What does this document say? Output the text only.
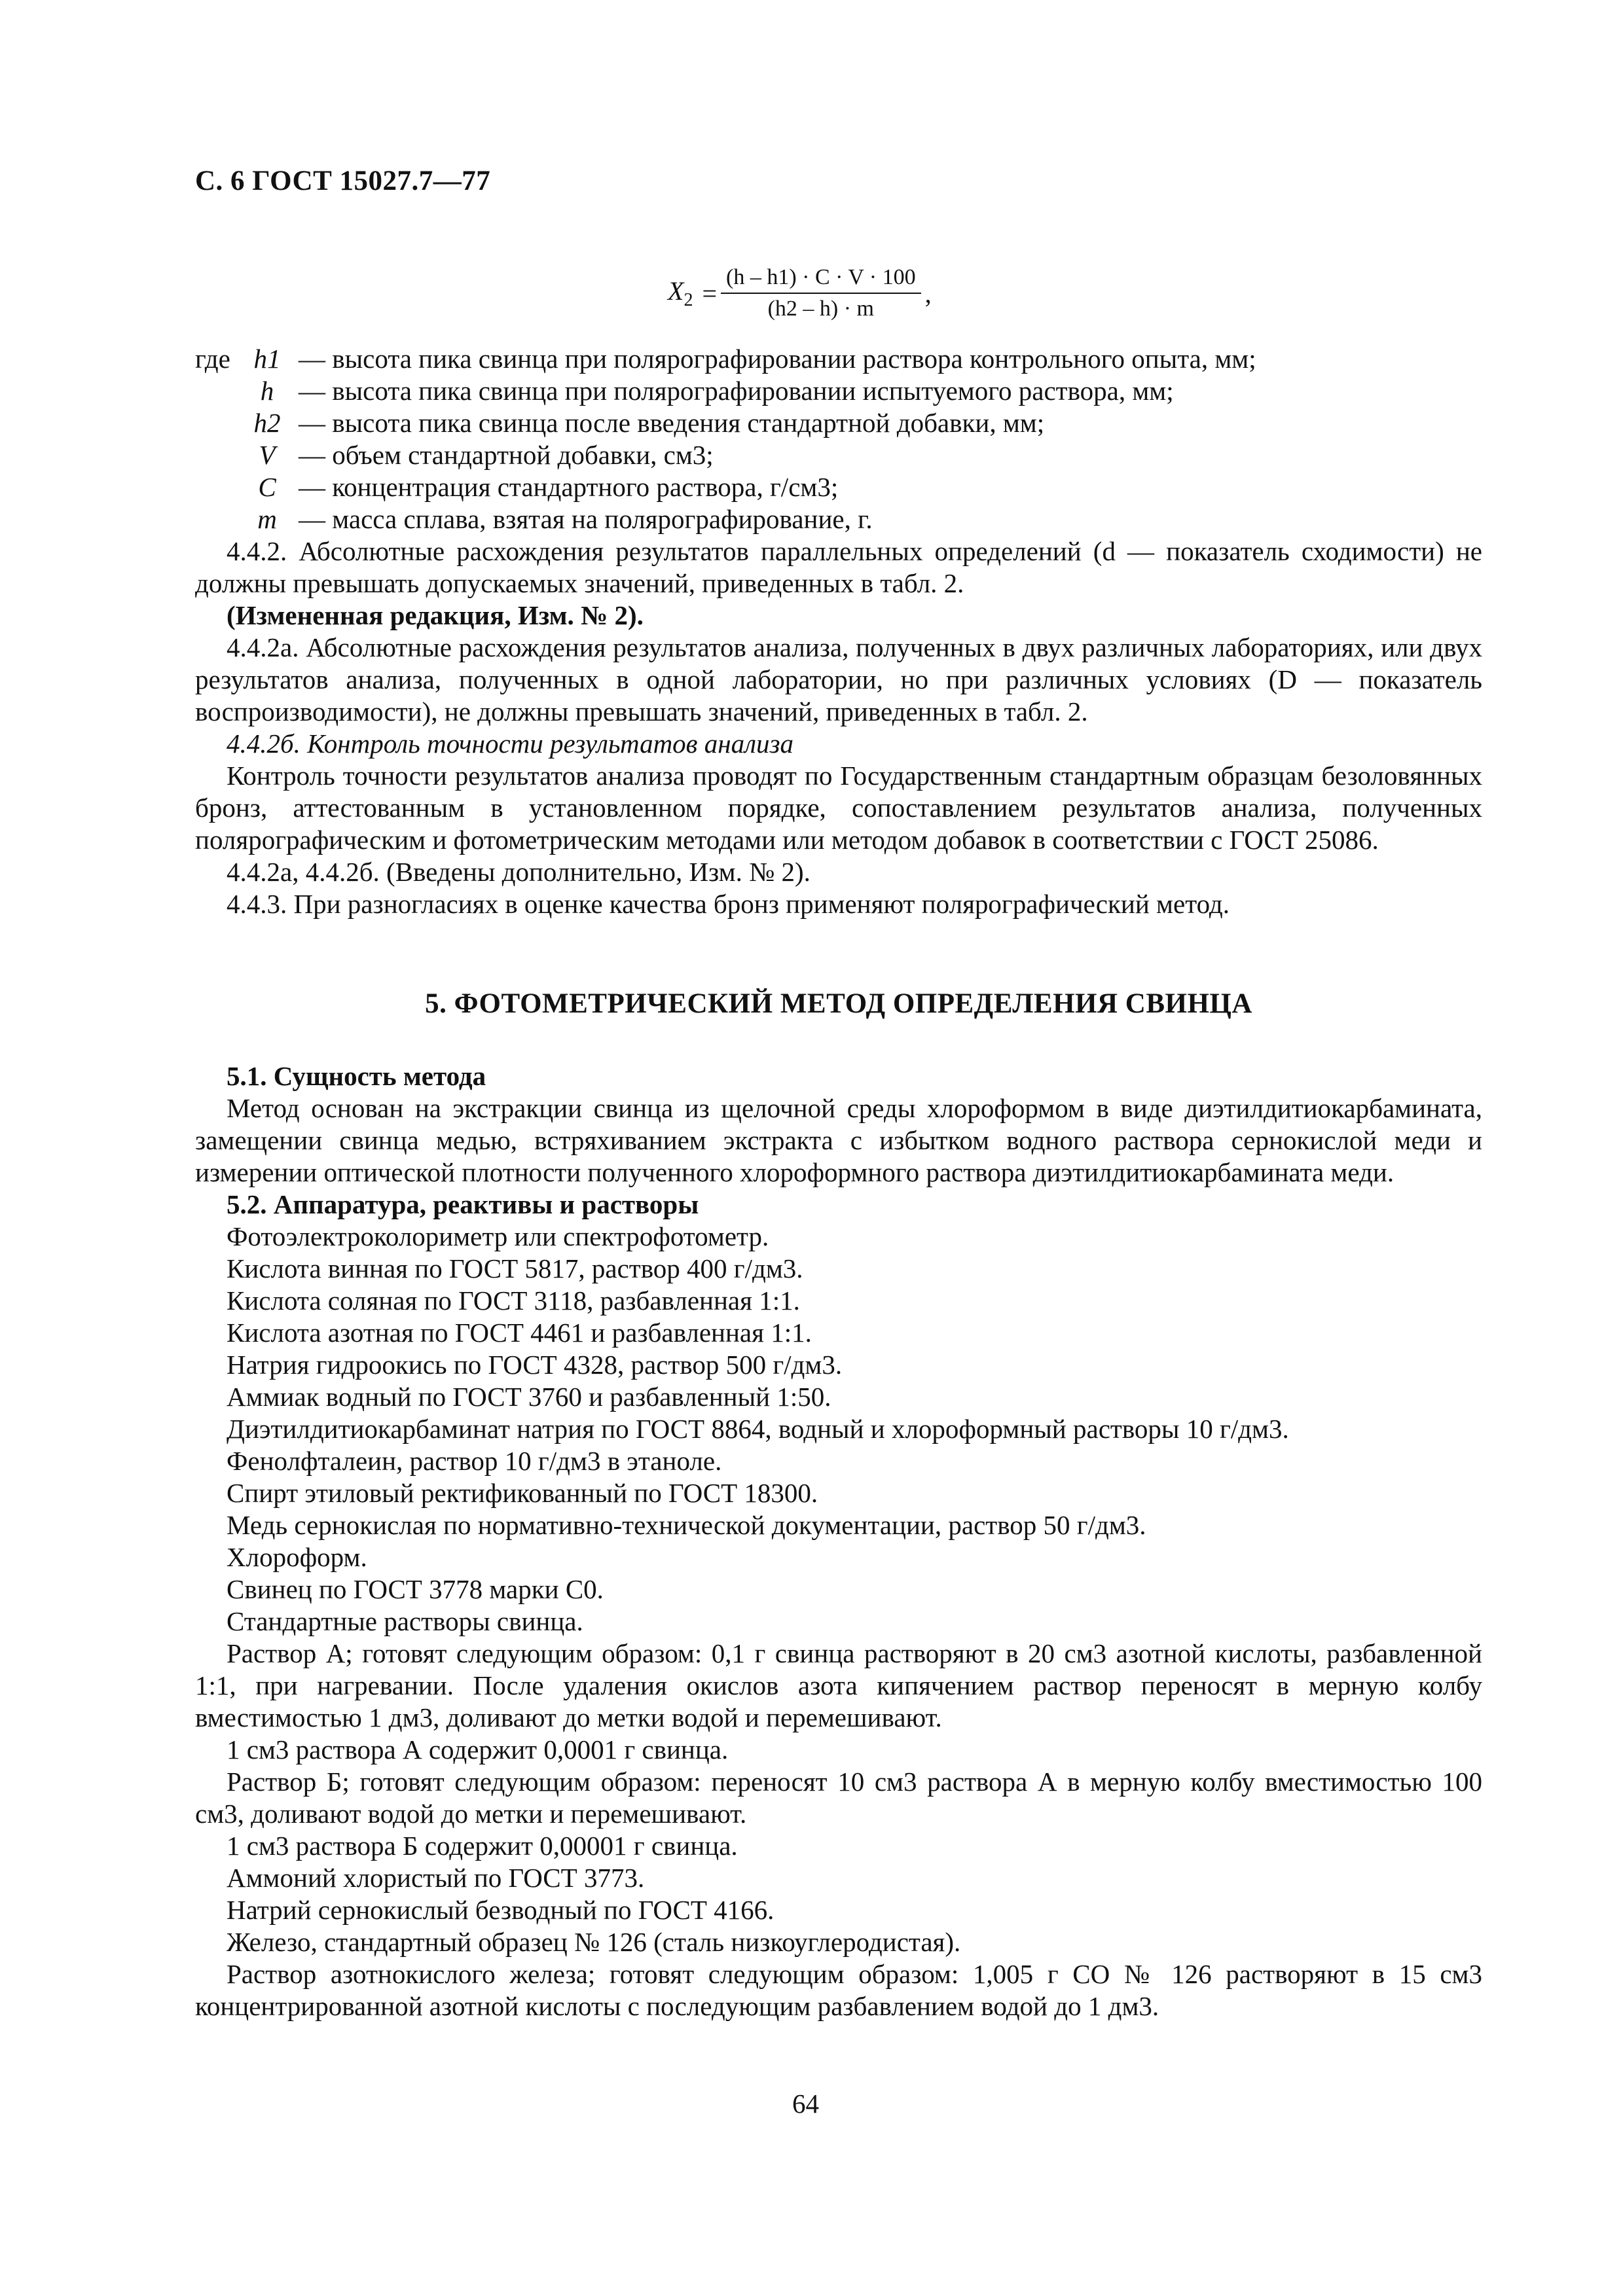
С. 6 ГОСТ 15027.7—77
$X_2 = \frac{(h - h1) \cdot C \cdot V \cdot 100}{(h2 - h) \cdot m}$ ,
где h1 — высота пика свинца при полярографировании раствора контрольного опыта, мм;
h — высота пика свинца при полярографировании испытуемого раствора, мм;
h2 — высота пика свинца после введения стандартной добавки, мм;
V — объем стандартной добавки, см3;
C — концентрация стандартного раствора, г/см3;
m — масса сплава, взятая на полярографирование, г.

4.4.2. Абсолютные расхождения результатов параллельных определений (d — показатель сходимости) не должны превышать допускаемых значений, приведенных в табл. 2.

(Измененная редакция, Изм. № 2).

4.4.2а. Абсолютные расхождения результатов анализа, полученных в двух различных лабораториях, или двух результатов анализа, полученных в одной лаборатории, но при различных условиях (D — показатель воспроизводимости), не должны превышать значений, приведенных в табл. 2.

4.4.2б. Контроль точности результатов анализа

Контроль точности результатов анализа проводят по Государственным стандартным образцам безоловянных бронз, аттестованным в установленном порядке, сопоставлением результатов анализа, полученных полярографическим и фотометрическим методами или методом добавок в соответствии с ГОСТ 25086.

4.4.2а, 4.4.2б. (Введены дополнительно, Изм. № 2).

4.4.3. При разногласиях в оценке качества бронз применяют полярографический метод.

5. ФОТОМЕТРИЧЕСКИЙ МЕТОД ОПРЕДЕЛЕНИЯ СВИНЦА

5.1. Сущность метода

Метод основан на экстракции свинца из щелочной среды хлороформом в виде диэтилдитиокарбамината, замещении свинца медью, встряхиванием экстракта с избытком водного раствора сернокислой меди и измерении оптической плотности полученного хлороформного раствора диэтилдитиокарбамината меди.

5.2. Аппаратура, реактивы и растворы

Фотоэлектроколориметр или спектрофотометр.

Кислота винная по ГОСТ 5817, раствор 400 г/дм3.

Кислота соляная по ГОСТ 3118, разбавленная 1:1.

Кислота азотная по ГОСТ 4461 и разбавленная 1:1.

Натрия гидроокись по ГОСТ 4328, раствор 500 г/дм3.

Аммиак водный по ГОСТ 3760 и разбавленный 1:50.

Диэтилдитиокарбаминат натрия по ГОСТ 8864, водный и хлороформный растворы 10 г/дм3.

Фенолфталеин, раствор 10 г/дм3 в этаноле.

Спирт этиловый ректификованный по ГОСТ 18300.

Медь сернокислая по нормативно-технической документации, раствор 50 г/дм3.

Хлороформ.

Свинец по ГОСТ 3778 марки С0.

Стандартные растворы свинца.

Раствор А; готовят следующим образом: 0,1 г свинца растворяют в 20 см3 азотной кислоты, разбавленной 1:1, при нагревании. После удаления окислов азота кипячением раствор переносят в мерную колбу вместимостью 1 дм3, доливают до метки водой и перемешивают.

1 см3 раствора А содержит 0,0001 г свинца.

Раствор Б; готовят следующим образом: переносят 10 см3 раствора А в мерную колбу вместимостью 100 см3, доливают водой до метки и перемешивают.

1 см3 раствора Б содержит 0,00001 г свинца.

Аммоний хлористый по ГОСТ 3773.

Натрий сернокислый безводный по ГОСТ 4166.

Железо, стандартный образец № 126 (сталь низкоуглеродистая).

Раствор азотнокислого железа; готовят следующим образом: 1,005 г СО № 126 растворяют в 15 см3 концентрированной азотной кислоты с последующим разбавлением водой до 1 дм3.

64
